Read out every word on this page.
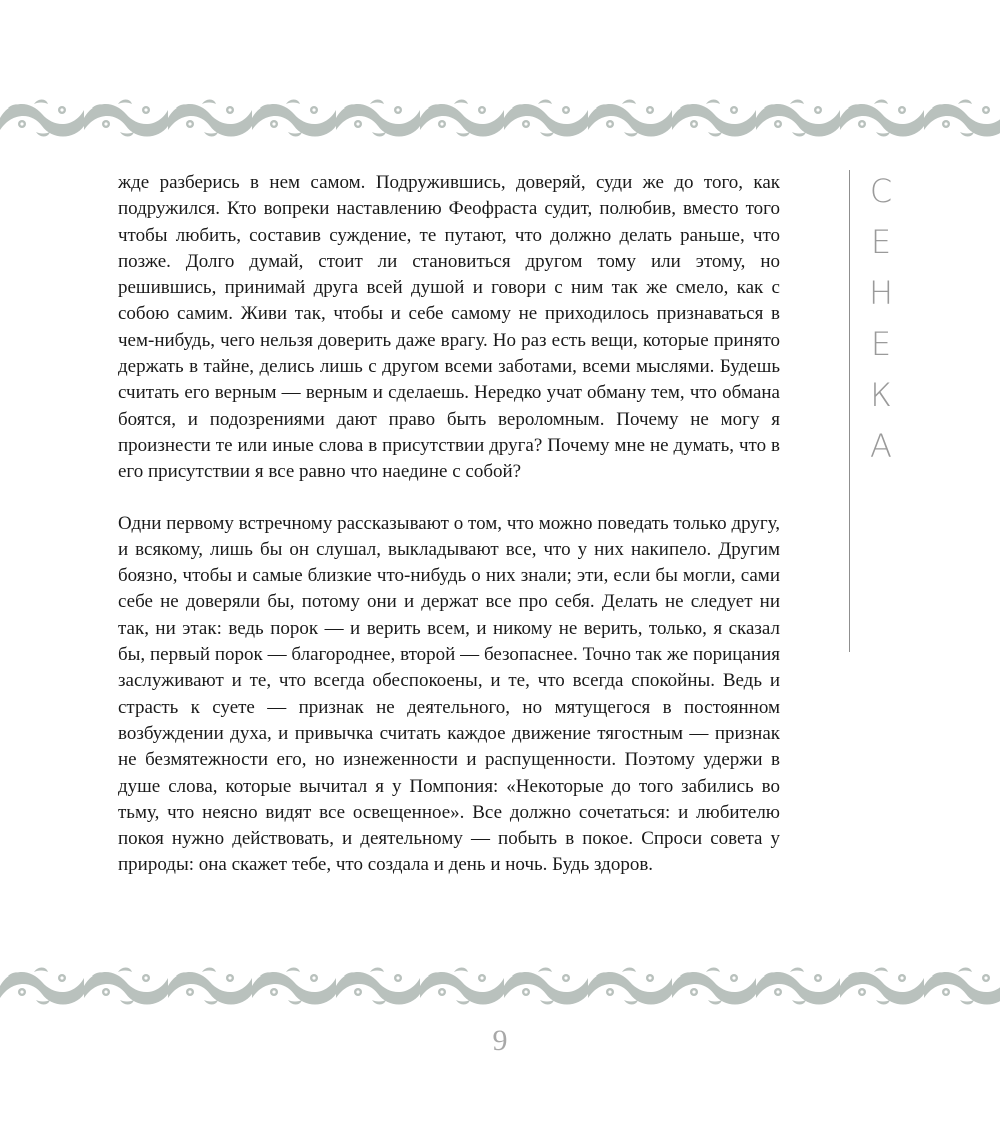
жде разберись в нем самом. Подружившись, доверяй, суди же до того, как подружился. Кто вопреки наставлению Феофраста судит, полюбив, вместо того чтобы любить, составив суждение, те путают, что должно делать раньше, что позже. Долго думай, стоит ли становиться другом тому или этому, но решившись, принимай друга всей душой и говори с ним так же смело, как с собою самим. Живи так, чтобы и себе самому не приходилось признаваться в чем-нибудь, чего нельзя доверить даже врагу. Но раз есть вещи, которые принято держать в тайне, делись лишь с другом всеми заботами, всеми мыслями. Будешь считать его верным — верным и сделаешь. Нередко учат обману тем, что обмана боятся, и подозрениями дают право быть вероломным. Почему не могу я произнести те или иные слова в присутствии друга? Почему мне не думать, что в его присутствии я все равно что наедине с собой?

Одни первому встречному рассказывают о том, что можно поведать только другу, и всякому, лишь бы он слушал, выкладывают все, что у них накипело. Другим боязно, чтобы и самые близкие что-нибудь о них знали; эти, если бы могли, сами себе не доверяли бы, потому они и держат все про себя. Делать не следует ни так, ни этак: ведь порок — и верить всем, и никому не верить, только, я сказал бы, первый порок — благороднее, второй — безопаснее. Точно так же порицания заслуживают и те, что всегда обеспокоены, и те, что всегда спокойны. Ведь и страсть к суете — признак не деятельного, но мятущегося в постоянном возбуждении духа, и привычка считать каждое движение тягостным — признак не безмятежности его, но изнеженности и распущенности. Поэтому удержи в душе слова, которые вычитал я у Помпония: «Некоторые до того забились во тьму, что неясно видят все освещенное». Все должно сочетаться: и любителю покоя нужно действовать, и деятельному — побыть в покое. Спроси совета у природы: она скажет тебе, что создала и день и ночь. Будь здоров.

С
Е
Н
Е
К
А
9
